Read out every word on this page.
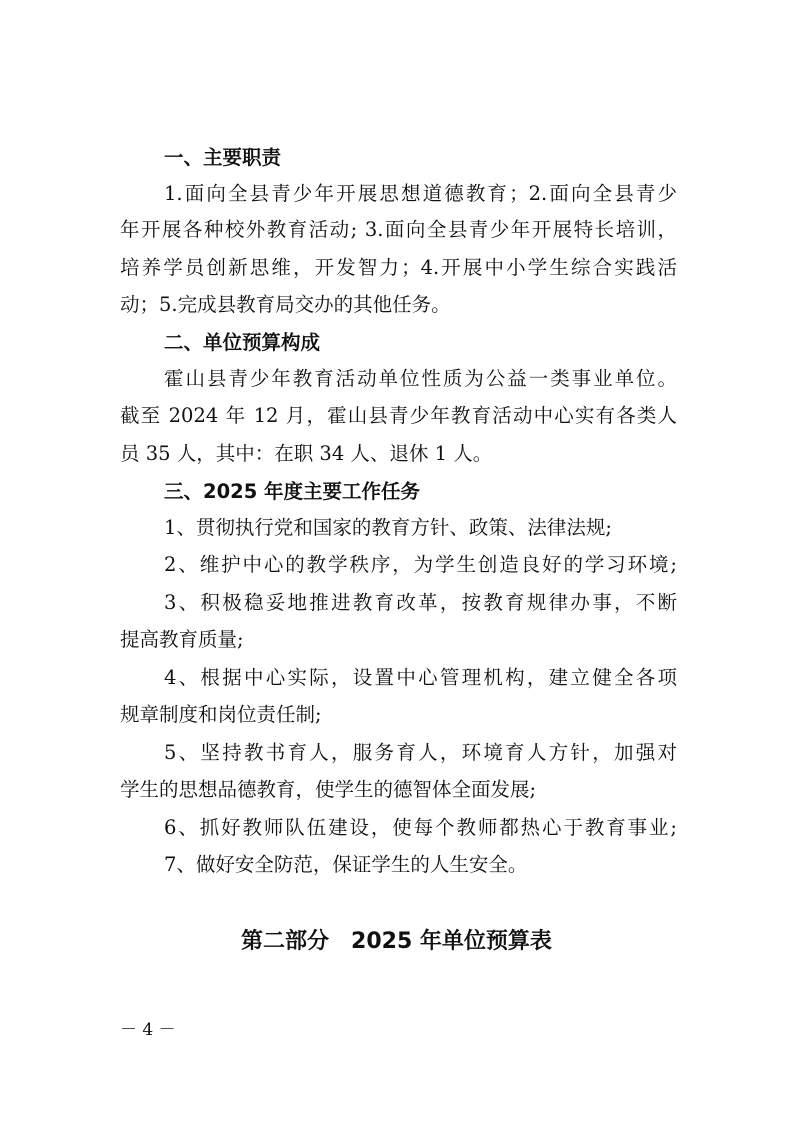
一、主要职责

1.面向全县青少年开展思想道德教育；2.面向全县青少

年开展各种校外教育活动; 3.面向全县青少年开展特长培训，

培养学员创新思维，开发智力；4.开展中小学生综合实践活

动；5.完成县教育局交办的其他任务。

二、单位预算构成

霍山县青少年教育活动单位性质为公益一类事业单位。

截至 2024 年 12 月，霍山县青少年教育活动中心实有各类人

员 35 人，其中：在职 34 人、退休 1 人。

三、2025 年度主要工作任务

1、贯彻执行党和国家的教育方针、政策、法律法规;

2、维护中心的教学秩序，为学生创造良好的学习环境;

3、积极稳妥地推进教育改革，按教育规律办事，不断

提高教育质量;

4、根据中心实际，设置中心管理机构，建立健全各项

规章制度和岗位责任制;

5、坚持教书育人，服务育人，环境育人方针，加强对

学生的思想品德教育，使学生的德智体全面发展;

6、抓好教师队伍建设，使每个教师都热心于教育事业;

7、做好安全防范，保证学生的人生安全。

第二部分　2025 年单位预算表

－ 4 －
